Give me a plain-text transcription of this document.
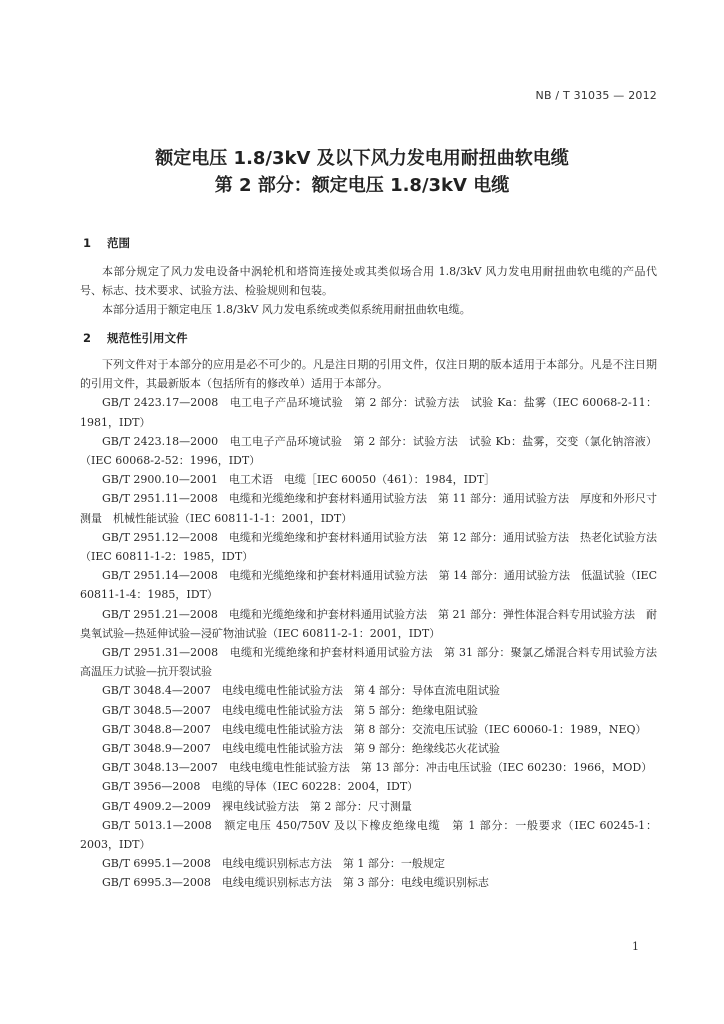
NB / T 31035 — 2012
额定电压 1.8/3kV 及以下风力发电用耐扭曲软电缆
第 2 部分：额定电压 1.8/3kV 电缆
1 范围

本部分规定了风力发电设备中涡轮机和塔筒连接处或其类似场合用 1.8/3kV 风力发电用耐扭曲软电缆的产品代号、标志、技术要求、试验方法、检验规则和包装。

本部分适用于额定电压 1.8/3kV 风力发电系统或类似系统用耐扭曲软电缆。

2 规范性引用文件

下列文件对于本部分的应用是必不可少的。凡是注日期的引用文件，仅注日期的版本适用于本部分。凡是不注日期的引用文件，其最新版本（包括所有的修改单）适用于本部分。

GB/T 2423.17—2008　电工电子产品环境试验　第 2 部分：试验方法　试验 Ka：盐雾（IEC 60068-2-11：1981，IDT）

GB/T 2423.18—2000　电工电子产品环境试验　第 2 部分：试验方法　试验 Kb：盐雾，交变（氯化钠溶液）（IEC 60068-2-52：1996，IDT）

GB/T 2900.10—2001　电工术语　电缆［IEC 60050（461）：1984，IDT］

GB/T 2951.11—2008　电缆和光缆绝缘和护套材料通用试验方法　第 11 部分：通用试验方法　厚度和外形尺寸测量　机械性能试验（IEC 60811-1-1：2001，IDT）

GB/T 2951.12—2008　电缆和光缆绝缘和护套材料通用试验方法　第 12 部分：通用试验方法　热老化试验方法（IEC 60811-1-2：1985，IDT）

GB/T 2951.14—2008　电缆和光缆绝缘和护套材料通用试验方法　第 14 部分：通用试验方法　低温试验（IEC 60811-1-4：1985，IDT）

GB/T 2951.21—2008　电缆和光缆绝缘和护套材料通用试验方法　第 21 部分：弹性体混合料专用试验方法　耐臭氧试验—热延伸试验—浸矿物油试验（IEC 60811-2-1：2001，IDT）

GB/T 2951.31—2008　电缆和光缆绝缘和护套材料通用试验方法　第 31 部分：聚氯乙烯混合料专用试验方法　高温压力试验—抗开裂试验

GB/T 3048.4—2007　电线电缆电性能试验方法　第 4 部分：导体直流电阻试验

GB/T 3048.5—2007　电线电缆电性能试验方法　第 5 部分：绝缘电阻试验

GB/T 3048.8—2007　电线电缆电性能试验方法　第 8 部分：交流电压试验（IEC 60060-1：1989，NEQ）

GB/T 3048.9—2007　电线电缆电性能试验方法　第 9 部分：绝缘线芯火花试验

GB/T 3048.13—2007　电线电缆电性能试验方法　第 13 部分：冲击电压试验（IEC 60230：1966，MOD）

GB/T 3956—2008　电缆的导体（IEC 60228：2004，IDT）

GB/T 4909.2—2009　裸电线试验方法　第 2 部分：尺寸测量

GB/T 5013.1—2008　额定电压 450/750V 及以下橡皮绝缘电缆　第 1 部分：一般要求（IEC 60245-1：2003，IDT）

GB/T 6995.1—2008　电线电缆识别标志方法　第 1 部分：一般规定

GB/T 6995.3—2008　电线电缆识别标志方法　第 3 部分：电线电缆识别标志

1
